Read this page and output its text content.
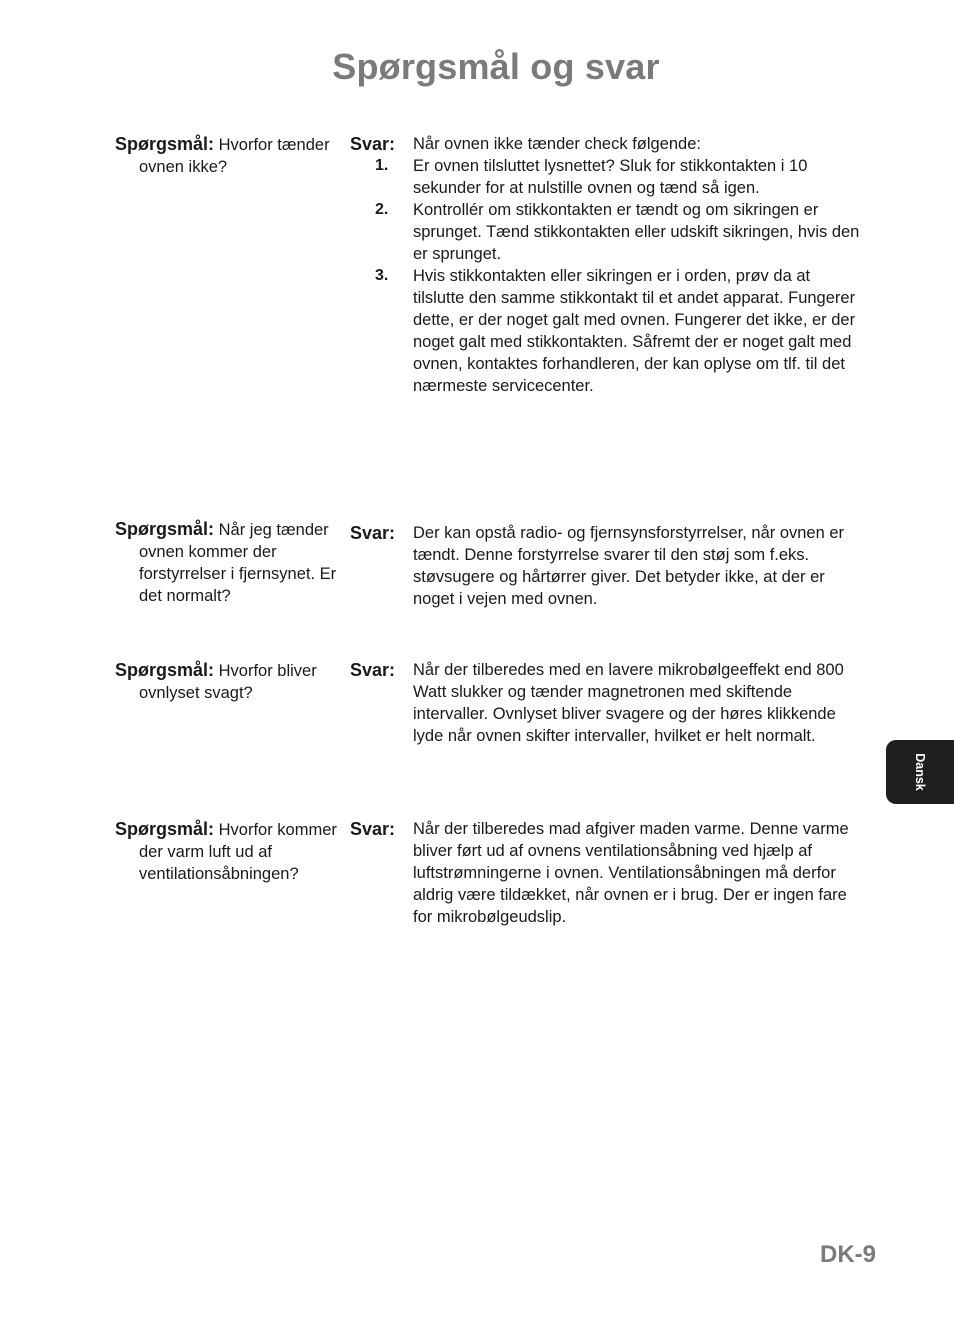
Spørgsmål og svar
Spørgsmål: Hvorfor tænder ovnen ikke?
Svar: Når ovnen ikke tænder check følgende:
1. Er ovnen tilsluttet lysnettet? Sluk for stikkontakten i 10 sekunder for at nulstille ovnen og tænd så igen.
2. Kontrollér om stikkontakten er tændt og om sikringen er sprunget. Tænd stikkontakten eller udskift sikringen, hvis den er sprunget.
3. Hvis stikkontakten eller sikringen er i orden, prøv da at tilslutte den samme stikkontakt til et andet apparat. Fungerer dette, er der noget galt med ovnen. Fungerer det ikke, er der noget galt med stikkontakten. Såfremt der er noget galt med ovnen, kontaktes forhandleren, der kan oplyse om tlf. til det nærmeste servicecenter.
Spørgsmål: Når jeg tænder ovnen kommer der forstyrrelser i fjernsynet. Er det normalt?
Svar: Der kan opstå radio- og fjernsynsforstyrrelser, når ovnen er tændt. Denne forstyrrelse svarer til den støj som f.eks. støvsugere og hårtørrer giver. Det betyder ikke, at der er noget i vejen med ovnen.
Spørgsmål: Hvorfor bliver ovnlyset svagt?
Svar: Når der tilberedes med en lavere mikrobølgeeffekt end 800 Watt slukker og tænder magnetronen med skiftende intervaller. Ovnlyset bliver svagere og der høres klikkende lyde når ovnen skifter intervaller, hvilket er helt normalt.
Spørgsmål: Hvorfor kommer der varm luft ud af ventilationsåbningen?
Svar: Når der tilberedes mad afgiver maden varme. Denne varme bliver ført ud af ovnens ventilationsåbning ved hjælp af luftstrømningerne i ovnen. Ventilationsåbningen må derfor aldrig være tildækket, når ovnen er i brug. Der er ingen fare for mikrobølgeudslip.
Dansk
DK-9
